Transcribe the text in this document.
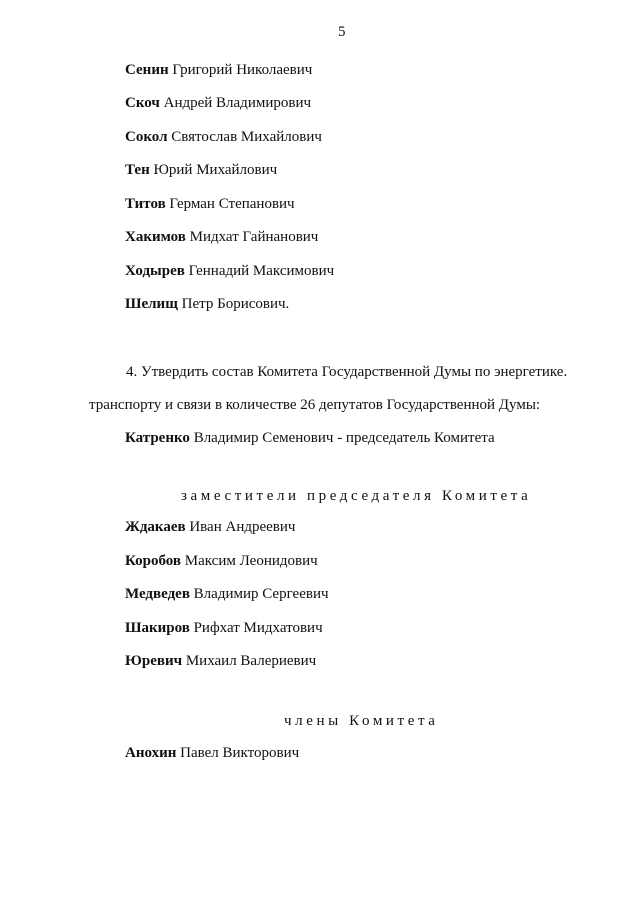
5
Сенин Григорий Николаевич
Скоч Андрей Владимирович
Сокол Святослав Михайлович
Тен Юрий Михайлович
Титов Герман Степанович
Хакимов Мидхат Гайнанович
Ходырев Геннадий Максимович
Шелищ Петр Борисович.
4. Утвердить состав Комитета Государственной Думы по энергетике.
транспорту и связи в количестве 26 депутатов Государственной Думы:
Катренко Владимир Семенович - председатель Комитета
заместители председателя Комитета
Ждакаев Иван Андреевич
Коробов Максим Леонидович
Медведев Владимир Сергеевич
Шакиров Рифхат Мидхатович
Юревич Михаил Валериевич
члены Комитета
Анохин Павел Викторович
